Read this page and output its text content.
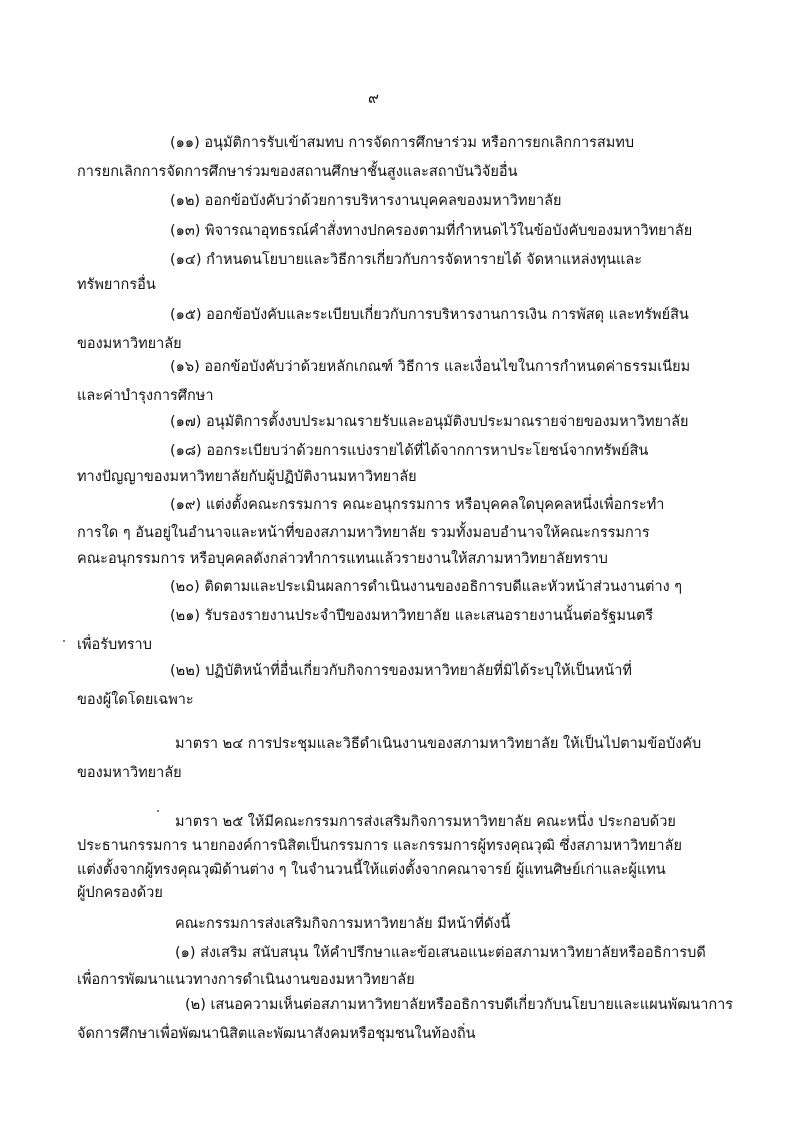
๙
(๑๑) อนุมัติการรับเข้าสมทบ การจัดการศึกษาร่วม หรือการยกเลิกการสมทบ
การยกเลิกการจัดการศึกษาร่วมของสถานศึกษาชั้นสูงและสถาบันวิจัยอื่น
(๑๒) ออกข้อบังคับว่าด้วยการบริหารงานบุคคลของมหาวิทยาลัย
(๑๓) พิจารณาอุทธรณ์คำสั่งทางปกครองตามที่กำหนดไว้ในข้อบังคับของมหาวิทยาลัย
(๑๔) กำหนดนโยบายและวิธีการเกี่ยวกับการจัดหารายได้ จัดหาแหล่งทุนและ
ทรัพยากรอื่น
(๑๕) ออกข้อบังคับและระเบียบเกี่ยวกับการบริหารงานการเงิน การพัสดุ และทรัพย์สิน
ของมหาวิทยาลัย
(๑๖) ออกข้อบังคับว่าด้วยหลักเกณฑ์ วิธีการ และเงื่อนไขในการกำหนดค่าธรรมเนียม
และค่าบำรุงการศึกษา
(๑๗) อนุมัติการตั้งงบประมาณรายรับและอนุมัติงบประมาณรายจ่ายของมหาวิทยาลัย
(๑๘) ออกระเบียบว่าด้วยการแบ่งรายได้ที่ได้จากการหาประโยชน์จากทรัพย์สิน
ทางปัญญาของมหาวิทยาลัยกับผู้ปฏิบัติงานมหาวิทยาลัย
(๑๙) แต่งตั้งคณะกรรมการ คณะอนุกรรมการ หรือบุคคลใดบุคคลหนึ่งเพื่อกระทำ
การใด ๆ อันอยู่ในอำนาจและหน้าที่ของสภามหาวิทยาลัย รวมทั้งมอบอำนาจให้คณะกรรมการ
คณะอนุกรรมการ หรือบุคคลดังกล่าวทำการแทนแล้วรายงานให้สภามหาวิทยาลัยทราบ
(๒๐) ติดตามและประเมินผลการดำเนินงานของอธิการบดีและหัวหน้าส่วนงานต่าง ๆ
(๒๑) รับรองรายงานประจำปีของมหาวิทยาลัย และเสนอรายงานนั้นต่อรัฐมนตรี
เพื่อรับทราบ
(๒๒) ปฏิบัติหน้าที่อื่นเกี่ยวกับกิจการของมหาวิทยาลัยที่มิได้ระบุให้เป็นหน้าที่
ของผู้ใดโดยเฉพาะ
มาตรา ๒๔ การประชุมและวิธีดำเนินงานของสภามหาวิทยาลัย ให้เป็นไปตามข้อบังคับ
ของมหาวิทยาลัย
มาตรา ๒๕ ให้มีคณะกรรมการส่งเสริมกิจการมหาวิทยาลัย คณะหนึ่ง ประกอบด้วย
ประธานกรรมการ นายกองค์การนิสิตเป็นกรรมการ และกรรมการผู้ทรงคุณวุฒิ ซึ่งสภามหาวิทยาลัย
แต่งตั้งจากผู้ทรงคุณวุฒิด้านต่าง ๆ ในจำนวนนี้ให้แต่งตั้งจากคณาจารย์ ผู้แทนศิษย์เก่าและผู้แทน
ผู้ปกครองด้วย
คณะกรรมการส่งเสริมกิจการมหาวิทยาลัย มีหน้าที่ดังนี้
(๑) ส่งเสริม สนับสนุน ให้คำปรึกษาและข้อเสนอแนะต่อสภามหาวิทยาลัยหรืออธิการบดี
เพื่อการพัฒนาแนวทางการดำเนินงานของมหาวิทยาลัย
(๒) เสนอความเห็นต่อสภามหาวิทยาลัยหรืออธิการบดีเกี่ยวกับนโยบายและแผนพัฒนาการ
จัดการศึกษาเพื่อพัฒนานิสิตและพัฒนาสังคมหรือชุมชนในท้องถิ่น
